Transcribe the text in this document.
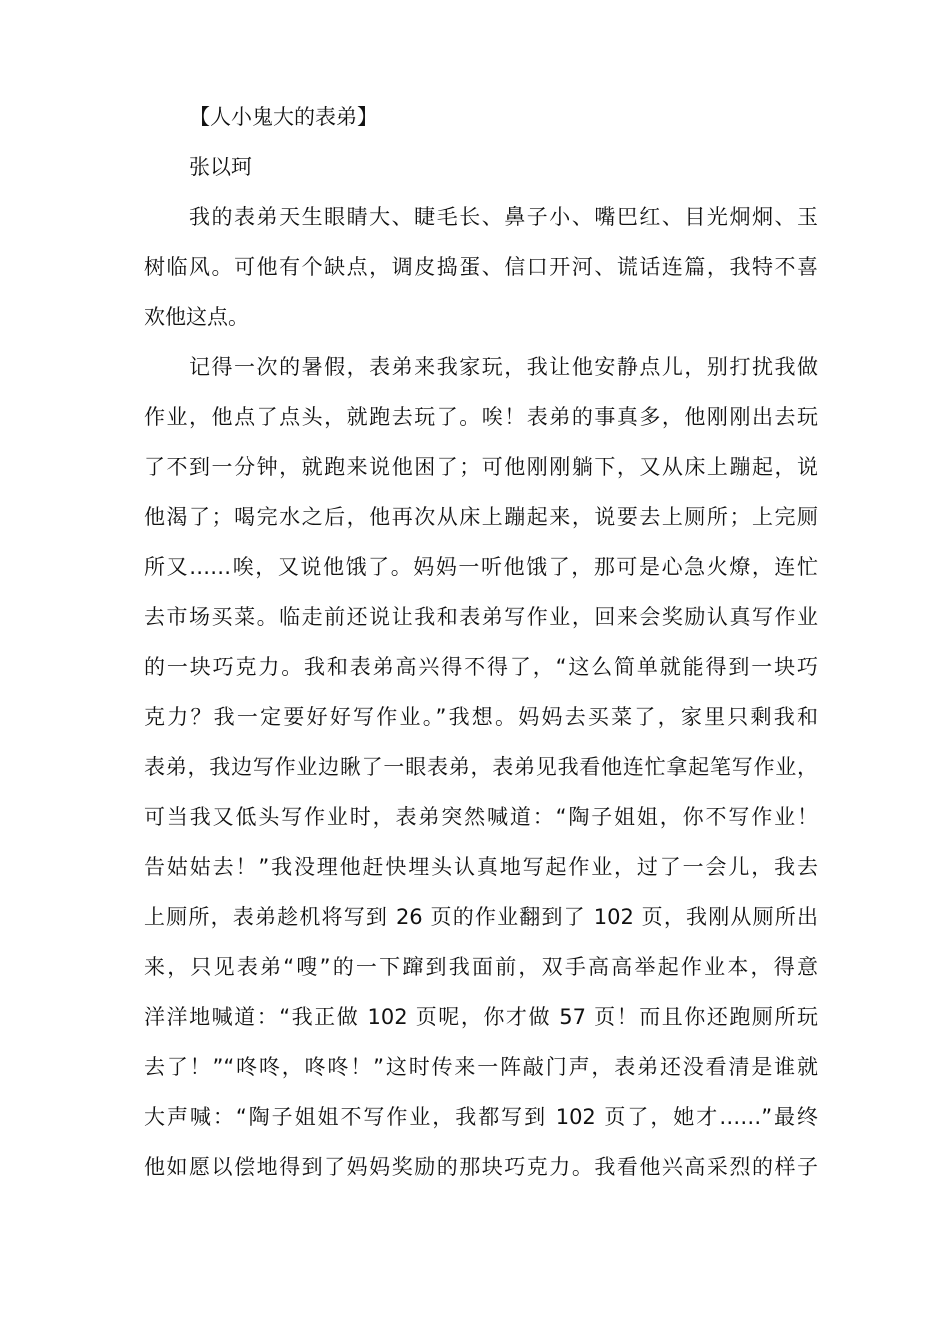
【人小鬼大的表弟】
张以珂
我的表弟天生眼睛大、睫毛长、鼻子小、嘴巴红、目光炯炯、玉
树临风。可他有个缺点，调皮捣蛋、信口开河、谎话连篇，我特不喜
欢他这点。
记得一次的暑假，表弟来我家玩，我让他安静点儿，别打扰我做
作业，他点了点头，就跑去玩了。唉！表弟的事真多，他刚刚出去玩
了不到一分钟，就跑来说他困了；可他刚刚躺下，又从床上蹦起，说
他渴了；喝完水之后，他再次从床上蹦起来，说要去上厕所；上完厕
所又……唉，又说他饿了。妈妈一听他饿了，那可是心急火燎，连忙
去市场买菜。临走前还说让我和表弟写作业，回来会奖励认真写作业
的一块巧克力。我和表弟高兴得不得了，“这么简单就能得到一块巧
克力？我一定要好好写作业。”我想。妈妈去买菜了，家里只剩我和
表弟，我边写作业边瞅了一眼表弟，表弟见我看他连忙拿起笔写作业，
可当我又低头写作业时，表弟突然喊道：“陶子姐姐，你不写作业！
告姑姑去！”我没理他赶快埋头认真地写起作业，过了一会儿，我去
上厕所，表弟趁机将写到 26 页的作业翻到了 102 页，我刚从厕所出
来，只见表弟“嗖”的一下蹿到我面前，双手高高举起作业本，得意
洋洋地喊道：“我正做 102 页呢，你才做 57 页！而且你还跑厕所玩
去了！”“咚咚，咚咚！”这时传来一阵敲门声，表弟还没看清是谁就
大声喊：“陶子姐姐不写作业，我都写到 102 页了，她才……”最终
他如愿以偿地得到了妈妈奖励的那块巧克力。我看他兴高采烈的样子
